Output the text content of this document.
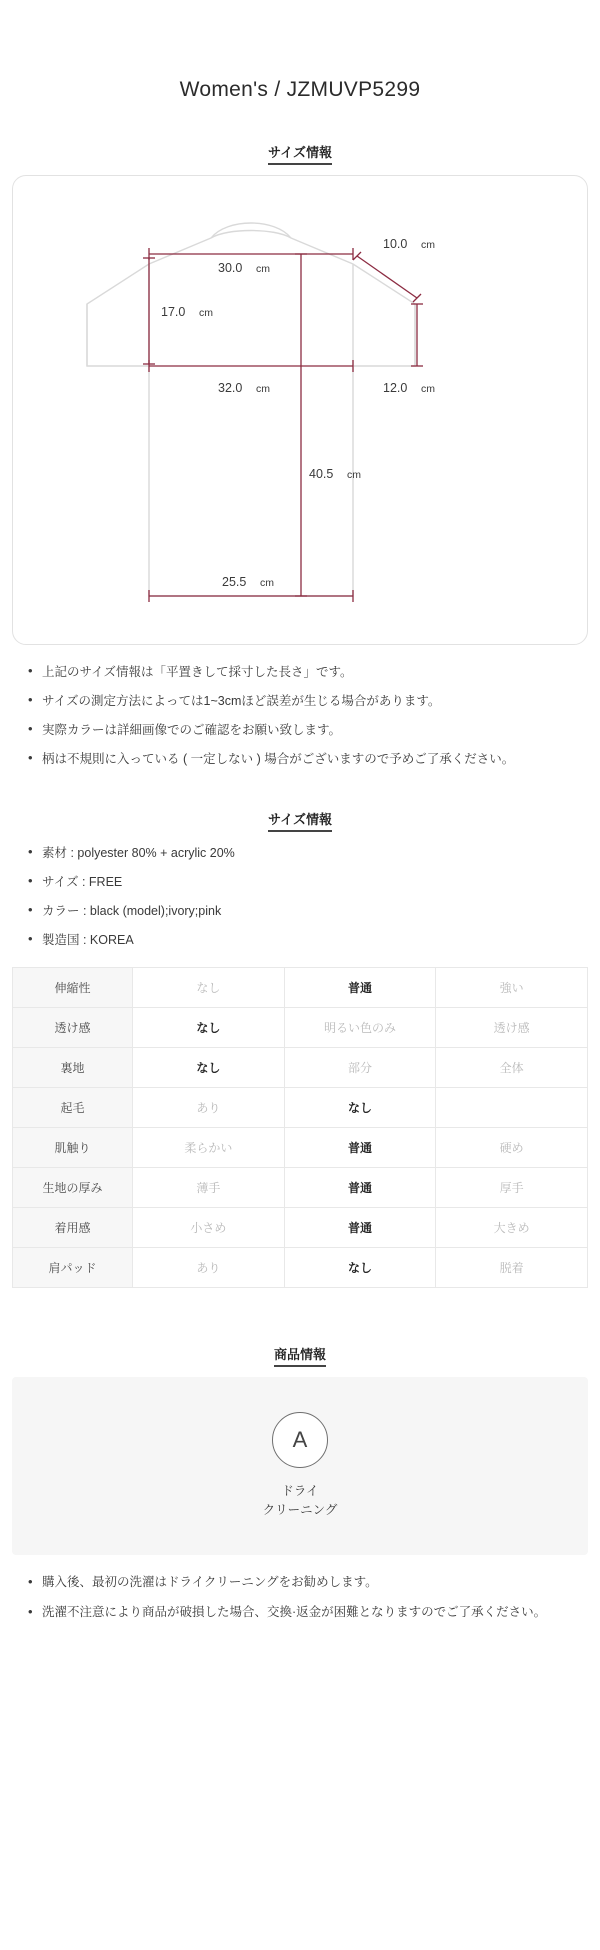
Women's / JZMUVP5299
サイズ情報
30.0 cm
10.0 cm
17.0 cm
32.0 cm	12.0 cm
40.5 cm
25.5 cm
• 上記のサイズ情報は「平置きして採寸した長さ」です。
• サイズの測定方法によっては1~3cmほど誤差が生じる場合があります。
• 実際カラーは詳細画像でのご確認をお願い致します。
• 柄は不規則に入っている ( 一定しない ) 場合がございますので予めご了承ください。
サイズ情報
• 素材 : polyester 80% + acrylic 20%
• サイズ : FREE
• カラー : black (model);ivory;pink
• 製造国 : KOREA
伸縮性	なし	普通	強い
透け感	なし	明るい色のみ	透け感
裏地	なし	部分	全体
起毛	あり	なし	
肌触り	柔らかい	普通	硬め
生地の厚み	薄手	普通	厚手
着用感	小さめ	普通	大きめ
肩パッド	あり	なし	脱着
商品情報
A
ドライ
クリーニング
• 購入後、最初の洗濯はドライクリーニングをお勧めします。
• 洗濯不注意により商品が破損した場合、交換·返金が困難となりますのでご了承ください。
